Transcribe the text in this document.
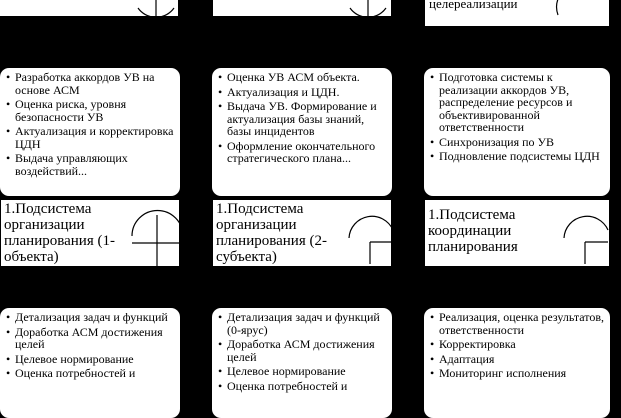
целереализации
• Разработка аккордов УВ на основе АСМ
• Оценка риска, уровня безопасности УВ
• Актуализация и корректировка ЦДН
• Выдача управляющих воздействий...
• Оценка УВ АСМ объекта.
• Актуализация и ЦДН.
• Выдача УВ. Формирование и актуализация базы знаний, базы инцидентов
• Оформление окончательного стратегического плана...
• Подготовка системы к реализации аккордов УВ, распределение ресурсов и объективированной ответственности
• Синхронизация по УВ
• Подновление подсистемы ЦДН
1.Подсистема организации планирования (1-объекта)
1.Подсистема организации планирования (2-субъекта)
1.Подсистема координации планирования
• Детализация задач и функций
• Доработка АСМ достижения целей
• Целевое нормирование
• Оценка потребностей и
• Детализация задач и функций (0-ярус)
• Доработка АСМ достижения целей
• Целевое нормирование
• Оценка потребностей и
• Реализация, оценка результатов, ответственности
• Корректировка
• Адаптация
• Мониторинг исполнения
